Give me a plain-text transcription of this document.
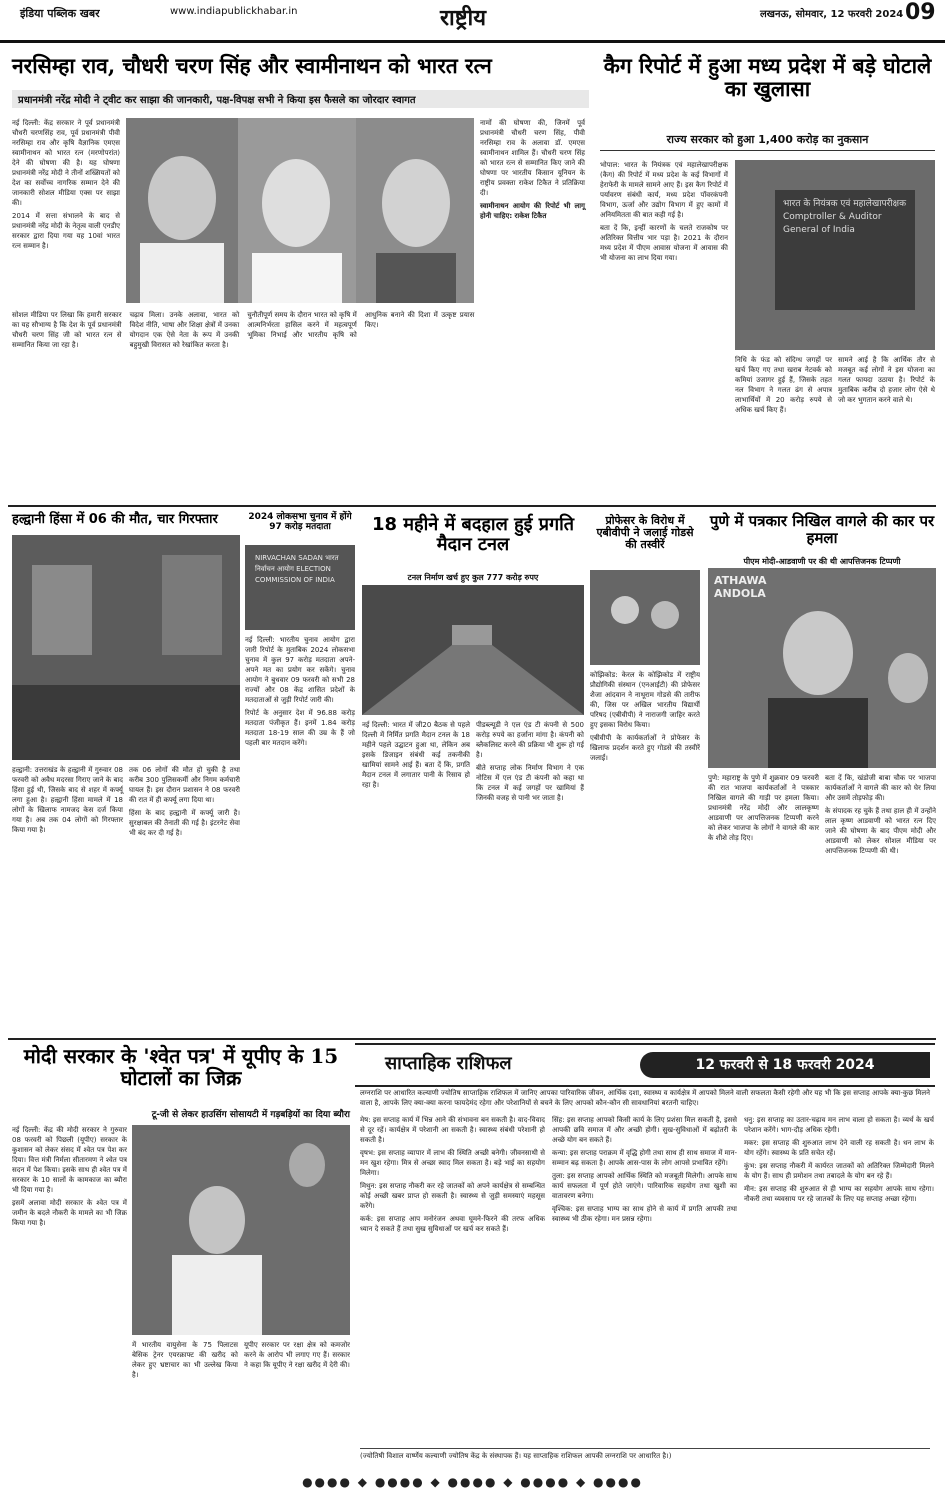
इंडिया पब्लिक खबर	www.indiapublickhabar.in	राष्ट्रीय	लखनऊ, सोमवार, 12 फरवरी 2024 09
नरसिम्हा राव, चौधरी चरण सिंह और स्वामीनाथन को भारत रत्न
प्रधानमंत्री नरेंद्र मोदी ने ट्वीट कर साझा की जानकारी, पक्ष-विपक्ष सभी ने किया इस फैसले का जोरदार स्वागत

नई दिल्ली: केंद्र सरकार ने पूर्व प्रधानमंत्री चौधरी चरणसिंह राव, पूर्व प्रधानमंत्री पीवी नरसिम्हा राव और कृषि वैज्ञानिक एमएस स्वामीनाथन को भारत रत्न (मरणोपरांत) देने की घोषणा की है। यह घोषणा प्रधानमंत्री नरेंद्र मोदी ने तीनों शख्सियतों को देश का सर्वोच्च नागरिक सम्मान देने की जानकारी सोशल मीडिया एक्स पर साझा की।

2014 में सत्ता संभालने के बाद से प्रधानमंत्री नरेंद्र मोदी के नेतृत्व वाली एनडीए सरकार द्वारा दिया गया यह 10वां भारत रत्न सम्मान है।

नामों की घोषणा की, जिनमें पूर्व प्रधानमंत्री चौधरी चरण सिंह, पीवी नरसिम्हा राव के अलावा डॉ. एमएस स्वामीनाथन शामिल हैं। चौधरी चरण सिंह को भारत रत्न से सम्मानित किए जाने की घोषणा पर भारतीय किसान यूनियन के राष्ट्रीय प्रवक्ता राकेश टिकैत ने प्रतिक्रिया दी।

स्वामीनाथन आयोग की रिपोर्ट भी लागू होनी चाहिए: राकेश टिकैत

सोशल मीडिया पर लिखा कि हमारी सरकार का यह सौभाग्य है कि देश के पूर्व प्रधानमंत्री चौधरी चरण सिंह जी को भारत रत्न से सम्मानित किया जा रहा है।

चढ़ाव मिला। उनके अलावा, भारत को विदेश नीति, भाषा और शिक्षा क्षेत्रों में उनका योगदान एक ऐसे नेता के रूप में उनकी बहुमुखी विरासत को रेखांकित करता है।

चुनौतीपूर्ण समय के दौरान भारत को कृषि में आत्मनिर्भरता हासिल करने में महत्वपूर्ण भूमिका निभाई और भारतीय कृषि को आधुनिक बनाने की दिशा में उत्कृष्ट प्रयास किए।

कैग रिपोर्ट में हुआ मध्य प्रदेश में बड़े घोटाले का खुलासा
राज्य सरकार को हुआ 1,400 करोड़ का नुकसान

भोपाल: भारत के नियंत्रक एवं महालेखापरीक्षक (कैग) की रिपोर्ट में मध्य प्रदेश के कई विभागों में हेराफेरी के मामले सामने आए हैं। इस कैग रिपोर्ट में पर्यावरण संबंधी कार्य, मध्य प्रदेश पॉवरकंपनी विभाग, ऊर्जा और उद्योग विभाग में हुए कामों में अनियमितता की बात कही गई है।

बता दें कि, इन्हीं कारणों के चलते राजकोष पर अतिरिक्त वित्तीय भार पड़ा है। 2021 के दौरान मध्य प्रदेश में पीएम आवास योजना में आवास की भी योजना का लाभ दिया गया।

भारत के नियंत्रक एवं महालेखापरीक्षक Comptroller & Auditor General of India

निधि के फंड को संदिग्ध जगहों पर खर्च किए गए तथा खराब नेटवर्क को कमियां उजागर हुई हैं, जिसके तहत नल विभाग ने गलत ढंग से अपात्र लाभार्थियों में 20 करोड़ रुपये से अधिक खर्च किए हैं।

सामने आई है कि आर्थिक तौर से मजबूत कई लोगों ने इस योजना का गलत फायदा उठाया है। रिपोर्ट के मुताबिक करीब दो हजार लोग ऐसे थे जो कर भुगतान करने वाले थे।

हल्द्वानी हिंसा में 06 की मौत, चार गिरफ्तार

हल्द्वानी: उत्तराखंड के हल्द्वानी में गुरुवार 08 फरवरी को अवैध मदरसा गिराए जाने के बाद हिंसा हुई थी, जिसके बाद से शहर में कर्फ्यू लगा हुआ है। हल्द्वानी हिंसा मामले में 18 लोगों के खिलाफ नामजद केस दर्ज किया गया है। अब तक 04 लोगों को गिरफ्तार किया गया है।

तक 06 लोगों की मौत हो चुकी है तथा करीब 300 पुलिसकर्मी और निगम कर्मचारी घायल हैं। इस दौरान प्रशासन ने 08 फरवरी की रात में ही कर्फ्यू लगा दिया था।

हिंसा के बाद हल्द्वानी में कर्फ्यू जारी है। सुरक्षाबल की तैनाती की गई है। इंटरनेट सेवा भी बंद कर दी गई है।

2024 लोकसभा चुनाव में होंगे 97 करोड़ मतदाता
NIRVACHAN SADAN भारत निर्वाचन आयोग ELECTION COMMISSION OF INDIA

नई दिल्ली: भारतीय चुनाव आयोग द्वारा जारी रिपोर्ट के मुताबिक 2024 लोकसभा चुनाव में कुल 97 करोड़ मतदाता अपने-अपने मत का प्रयोग कर सकेंगे। चुनाव आयोग ने बुधवार 09 फरवरी को सभी 28 राज्यों और 08 केंद्र शासित प्रदेशों के मतदाताओं से जुड़ी रिपोर्ट जारी की।

रिपोर्ट के अनुसार देश में 96.88 करोड़ मतदाता पंजीकृत हैं। इनमें 1.84 करोड़ मतदाता 18-19 साल की उम्र के हैं जो पहली बार मतदान करेंगे।

18 महीने में बदहाल हुई प्रगति मैदान टनल
टनल निर्माण खर्च हुए कुल 777 करोड़ रुपए

नई दिल्ली: भारत में जी20 बैठक से पहले दिल्ली में निर्मित प्रगति मैदान टनल के 18 महीने पहले उद्घाटन हुआ था, लेकिन अब इसके डिजाइन संबंधी कई तकनीकी खामियां सामने आई हैं। बता दें कि, प्रगति मैदान टनल में लगातार पानी के रिसाव हो रहा है।

पीडब्ल्यूडी ने एल एंड टी कंपनी से 500 करोड़ रुपये का हर्जाना मांगा है। कंपनी को ब्लैकलिस्ट करने की प्रक्रिया भी शुरू हो गई है।

बीते सप्ताह लोक निर्माण विभाग ने एक नोटिस में एल एंड टी कंपनी को कहा था कि टनल में कई जगहों पर खामियां हैं जिनकी वजह से पानी भर जाता है।

प्रोफेसर के विरोध में एबीवीपी ने जलाई गोडसे की तस्वीरें

कोझिकोड: केरल के कोझिकोड में राष्ट्रीय प्रौद्योगिकी संस्थान (एनआईटी) की प्रोफेसर शैजा आंदवान ने नाथूराम गोडसे की तारीफ की, जिस पर अखिल भारतीय विद्यार्थी परिषद (एबीवीपी) ने नाराजगी जाहिर करते हुए इसका विरोध किया।

एबीवीपी के कार्यकर्ताओं ने प्रोफेसर के खिलाफ प्रदर्शन करते हुए गोडसे की तस्वीरें जलाईं।

पुणे में पत्रकार निखिल वागले की कार पर हमला
पीएम मोदी-आडवाणी पर की थी आपत्तिजनक टिप्पणी
ATHAWA ANDOLA

पुणे: महाराष्ट्र के पुणे में शुक्रवार 09 फरवरी की रात भाजपा कार्यकर्ताओं ने पत्रकार निखिल वागले की गाड़ी पर हमला किया। प्रधानमंत्री नरेंद्र मोदी और लालकृष्ण आडवाणी पर आपत्तिजनक टिप्पणी करने को लेकर भाजपा के लोगों ने वागले की कार के शीशे तोड़ दिए।

बता दें कि, खंडोजी बाबा चौक पर भाजपा कार्यकर्ताओं ने वागले की कार को घेर लिया और उसमें तोड़फोड़ की।

के संपादक रह चुके हैं तथा हाल ही में उन्होंने लाल कृष्ण आडवाणी को भारत रत्न दिए जाने की घोषणा के बाद पीएम मोदी और आडवाणी को लेकर सोशल मीडिया पर आपत्तिजनक टिप्पणी की थी।

मोदी सरकार के 'श्वेत पत्र' में यूपीए के 15 घोटालों का जिक्र
टू-जी से लेकर हाउसिंग सोसायटी में गड़बड़ियों का दिया ब्यौरा

नई दिल्ली: केंद्र की मोदी सरकार ने गुरुवार 08 फरवरी को पिछली (यूपीए) सरकार के कुशासन को लेकर संसद में श्वेत पत्र पेश कर दिया। वित्त मंत्री निर्मला सीतारमण ने श्वेत पत्र सदन में पेश किया। इसके साथ ही श्वेत पत्र में सरकार के 10 सालों के कामकाज का ब्यौरा भी दिया गया है।

इसमें अलावा मोदी सरकार के श्वेत पत्र में जमीन के बदले नौकरी के मामले का भी जिक्र किया गया है।

में भारतीय वायुसेना के 75 पिलाटस बेसिक ट्रेनर एयरक्राफ्ट की खरीद को लेकर हुए भ्रष्टाचार का भी उल्लेख किया है।

यूपीए सरकार पर रक्षा क्षेत्र को कमजोर करने के आरोप भी लगाए गए हैं। सरकार ने कहा कि यूपीए ने रक्षा खरीद में देरी की।

साप्ताहिक राशिफल	12 फरवरी से 18 फरवरी 2024
लग्नराशि पर आधारित कल्याणी ज्योतिष साप्ताहिक राशिफल में जानिए आपका पारिवारिक जीवन, आर्थिक दशा, स्वास्थ्य व कार्यक्षेत्र में आपको मिलने वाली सफलता कैसी रहेगी और यह भी कि इस सप्ताह आपके क्या-कुछ मिलने वाला है, आपके लिए क्या-क्या करना फायदेमंद रहेगा और परेशानियों से बचने के लिए आपको कौन-कौन सी सावधानियां बरतनी चाहिए।

मेष: इस सप्ताह कार्य में भिन्न आने की संभावना बन सकती है। वाद-विवाद से दूर रहें। कार्यक्षेत्र में परेशानी आ सकती है। स्वास्थ्य संबंधी परेशानी हो सकती है।

वृषभ: इस सप्ताह व्यापार में लाभ की स्थिति अच्छी बनेगी। जीवनसाथी से मन खुश रहेगा। मित्र से अच्छा स्वाद मिल सकता है। बड़े भाई का सहयोग मिलेगा।

मिथुन: इस सप्ताह नौकरी कर रहे जातकों को अपने कार्यक्षेत्र से सम्बन्धित कोई अच्छी खबर प्राप्त हो सकती है। स्वास्थ्य से जुड़ी समस्याएं महसूस करेंगे।

कर्क: इस सप्ताह आप मनोरंजन अथवा घूमने-फिरने की तरफ अधिक ध्यान दे सकते हैं तथा सुख सुविधाओं पर खर्च कर सकते हैं।

सिंह: इस सप्ताह आपको किसी कार्य के लिए प्रशंसा मिल सकती है, इससे आपकी छवि समाज में और अच्छी होगी। सुख-सुविधाओं में बढ़ोतरी के अच्छे योग बन सकते हैं।

कन्या: इस सप्ताह पराक्रम में वृद्धि होगी तथा साथ ही साथ समाज में मान-सम्मान बढ़ सकता है। आपके आस-पास के लोग आपसे प्रभावित रहेंगे।

तुला: इस सप्ताह आपको आर्थिक स्थिति को मजबूती मिलेगी। आपके साथ कार्य सफलता में पूर्ण होते जाएंगे। पारिवारिक सहयोग तथा खुशी का वातावरण बनेगा।

वृश्चिक: इस सप्ताह भाग्य का साथ होने से कार्य में प्रगति आपकी तथा स्वास्थ्य भी ठीक रहेगा। मन प्रसन्न रहेगा।

धनु: इस सप्ताह का उतार-चढ़ाव मन लाभ वाला हो सकता है। व्यर्थ के खर्च परेशान करेंगे। भाग-दौड़ अधिक रहेगी।

मकर: इस सप्ताह की शुरुआत लाभ देने वाली रह सकती है। धन लाभ के योग रहेंगे। स्वास्थ्य के प्रति सचेत रहें।

कुंभ: इस सप्ताह नौकरी में कार्यरत जातकों को अतिरिक्त जिम्मेदारी मिलने के योग हैं। साथ ही प्रमोशन तथा तबादले के योग बन रहे हैं।

मीन: इस सप्ताह की शुरुआत से ही भाग्य का सहयोग आपके साथ रहेगा। नौकरी तथा व्यवसाय पर रहे जातकों के लिए यह सप्ताह अच्छा रहेगा।

(ज्योतिषी विशाल वार्ष्णेय कल्याणी ज्योतिष केंद्र के संस्थापक हैं। यह साप्ताहिक राशिफल आपकी लग्नराशि पर आधारित है।)
●●●● ◆ ●●●● ◆ ●●●● ◆ ●●●● ◆ ●●●●
